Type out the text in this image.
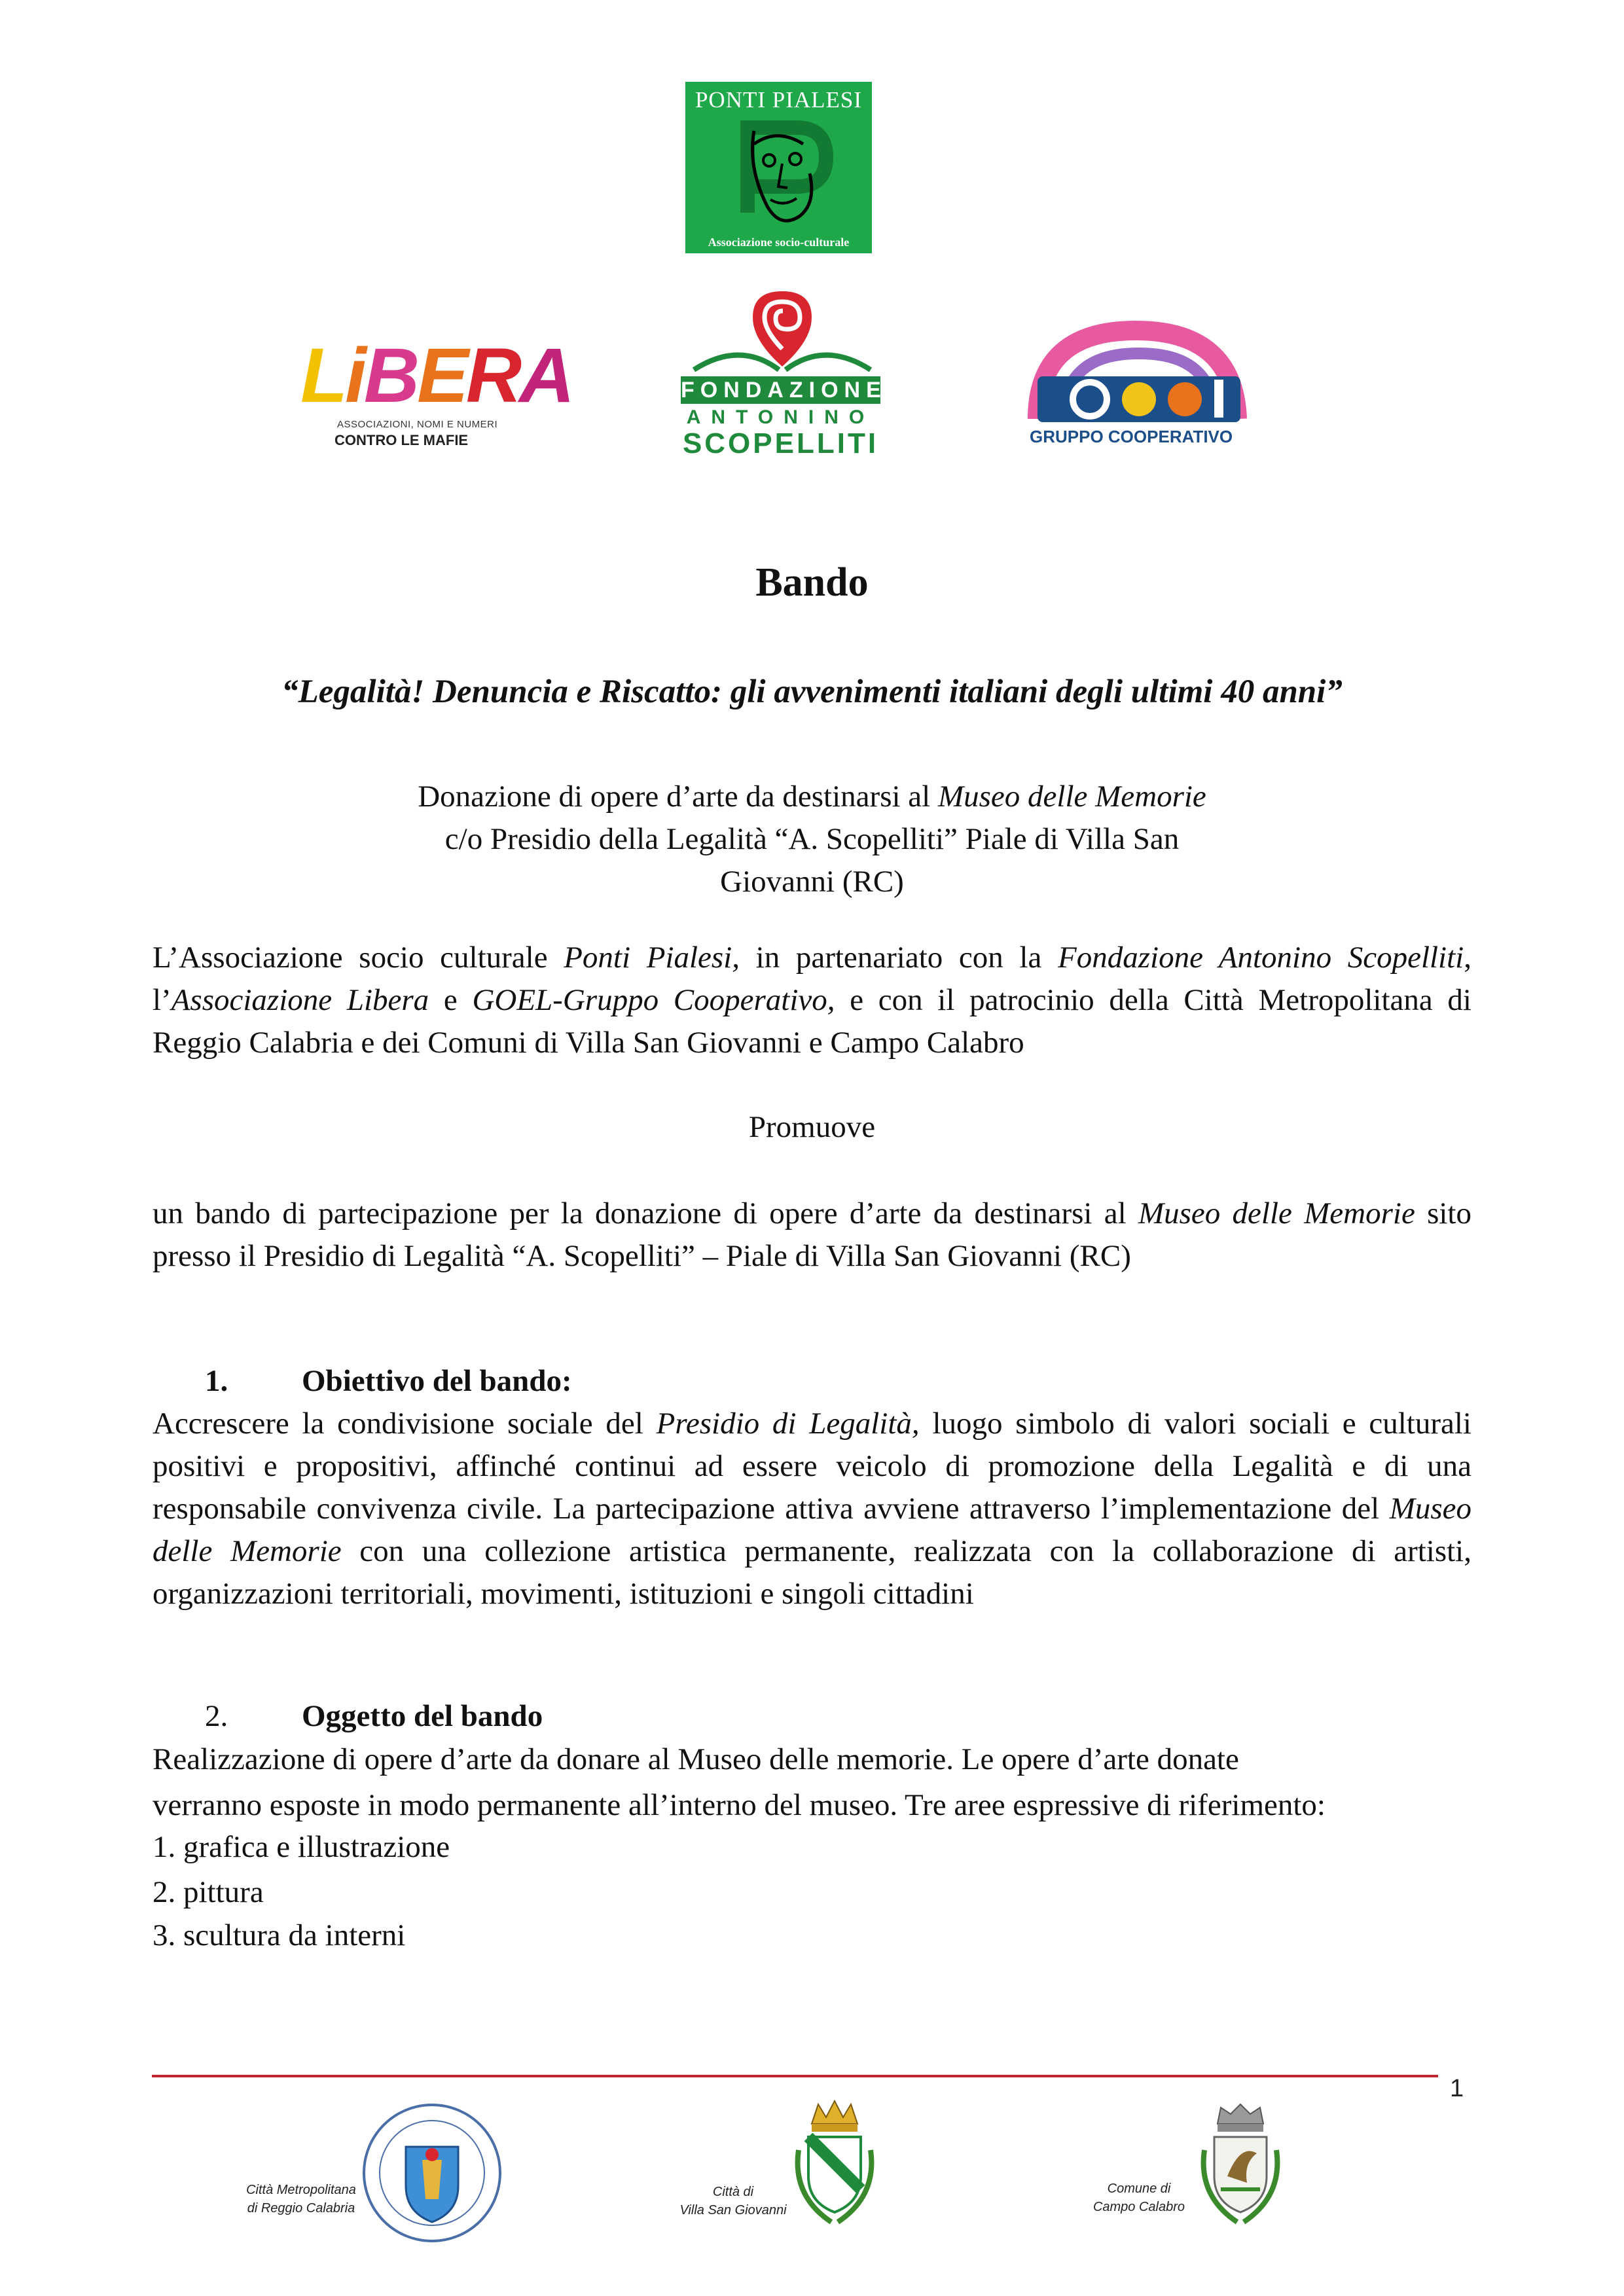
PONTI PIALESI
Associazione socio-culturale
LiBERA
ASSOCIAZIONI, NOMI E NUMERI
CONTRO LE MAFIE
FONDAZIONE
ANTONINO
SCOPELLITI	GRUPPO COOPERATIVO
Bando
“Legalità! Denuncia e Riscatto: gli avvenimenti italiani degli ultimi 40 anni”
Donazione di opere d’arte da destinarsi al Museo delle Memorie
c/o Presidio della Legalità “A. Scopelliti” Piale di Villa San
Giovanni (RC)
L’Associazione socio culturale Ponti Pialesi, in partenariato con la Fondazione Antonino Scopelliti, l’Associazione Libera e GOEL-Gruppo Cooperativo, e con il patrocinio della Città Metropolitana di Reggio Calabria e dei Comuni di Villa San Giovanni e Campo Calabro
Promuove
un bando di partecipazione per la donazione di opere d’arte da destinarsi al Museo delle Memorie sito presso il Presidio di Legalità “A. Scopelliti” – Piale di Villa San Giovanni (RC)
1. Obiettivo del bando:
Accrescere la condivisione sociale del Presidio di Legalità, luogo simbolo di valori sociali e culturali positivi e propositivi, affinché continui ad essere veicolo di promozione della Legalità e di una responsabile convivenza civile. La partecipazione attiva avviene attraverso l’implementazione del Museo delle Memorie con una collezione artistica permanente, realizzata con la collaborazione di artisti, organizzazioni territoriali, movimenti, istituzioni e singoli cittadini
2. Oggetto del bando
Realizzazione di opere d’arte da donare al Museo delle memorie. Le opere d’arte donate
verranno esposte in modo permanente all’interno del museo. Tre aree espressive di riferimento:
1. grafica e illustrazione
2. pittura
3. scultura da interni
1
Città Metropolitana
di Reggio Calabria
Città di
Villa San Giovanni
Comune di
Campo Calabro
